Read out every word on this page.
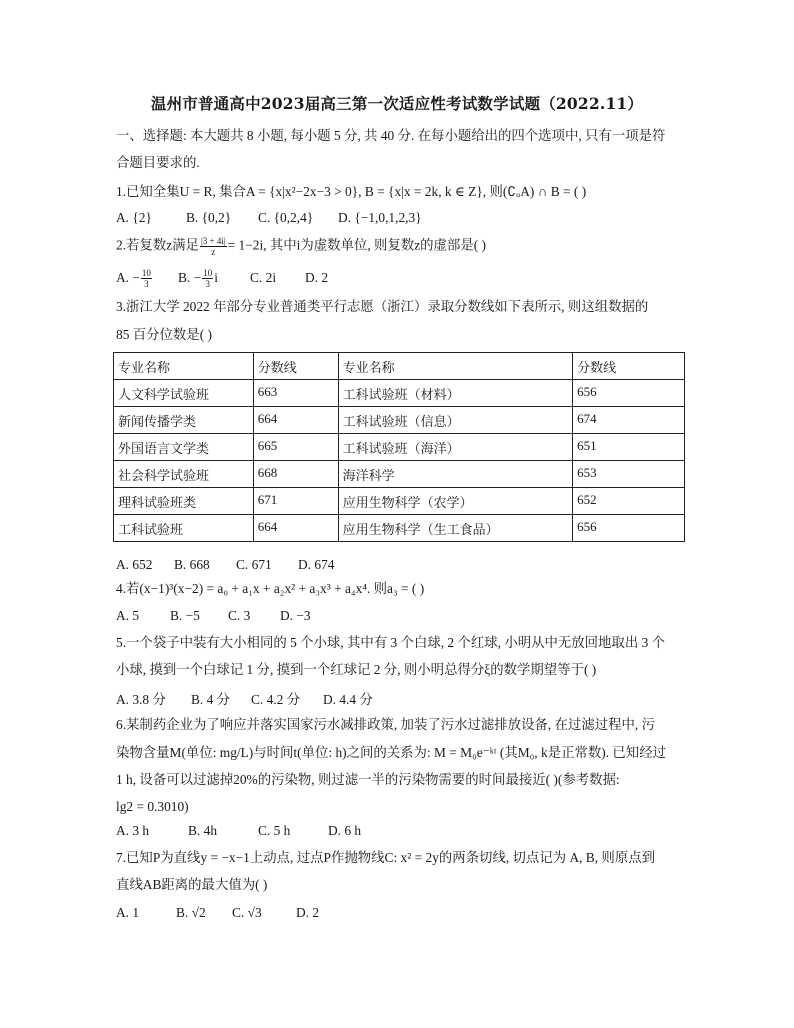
温州市普通高中2023届高三第一次适应性考试数学试题（2022.11）
一、选择题: 本大题共 8 小题, 每小题 5 分, 共 40 分. 在每小题给出的四个选项中, 只有一项是符
合题目要求的.
1.已知全集U = R, 集合A = {x|x²−2x−3 > 0}, B = {x|x = 2k, k ∈ Z}, 则(∁ᵤA) ∩ B = ( )
A. {2}	B. {0,2} C. {0,2,4} D. {−1,0,1,2,3}
2.若复数z满足 $\frac{|3 + 4i|}{z} = 1-2i$, 其中i为虚数单位, 则复数z的虚部是( )
A. − $\frac{10}{3} B$. − $\frac{10}{3}$ i C. 2i D. 2
3.浙江大学 2022 年部分专业普通类平行志愿（浙江）录取分数线如下表所示, 则这组数据的
85 百分位数是( )
专业名称	分数线	专业名称	分数线
人文科学试验班	663	工科试验班（材料）	656
新闻传播学类	664	工科试验班（信息）	674
外国语言文学类	665	工科试验班（海洋）	651
社会科学试验班	668	海洋科学	653
理科试验班类	671	应用生物科学（农学）	652
工科试验班	664	应用生物科学（生工食品）	656
A. 652 B. 668 C. 671 D. 674
4.若(x−1)³(x−2) = a₀ + a₁x + a₂x² + a₃x³ + a₄x⁴. 则a₃ = ( )
A. 5 B. −5 C. 3 D. −3
5.一个袋子中装有大小相同的 5 个小球, 其中有 3 个白球, 2 个红球, 小明从中无放回地取出 3 个
小球, 摸到一个白球记 1 分, 摸到一个红球记 2 分, 则小明总得分ξ的数学期望等于( )
A. 3.8 分 B. 4 分 C. 4.2 分 D. 4.4 分
6.某制药企业为了响应并落实国家污水减排政策, 加装了污水过滤排放设备, 在过滤过程中, 污
染物含量M(单位: mg/L)与时间t(单位: h)之间的关系为: M = M₀e⁻ᵏᵗ (其M₀, k是正常数). 已知经过
1 h, 设备可以过滤掉20%的污染物, 则过滤一半的污染物需要的时间最接近( )(参考数据:
lg2 = 0.3010)
A. 3 h	B. 4h	C. 5 h	D. 6 h
7.已知P为直线y = −x−1上动点, 过点P作抛物线C: x² = 2y的两条切线, 切点记为 A, B, 则原点到
直线AB距离的最大值为( )
A. 1	B. √2 C. √3	D. 2
